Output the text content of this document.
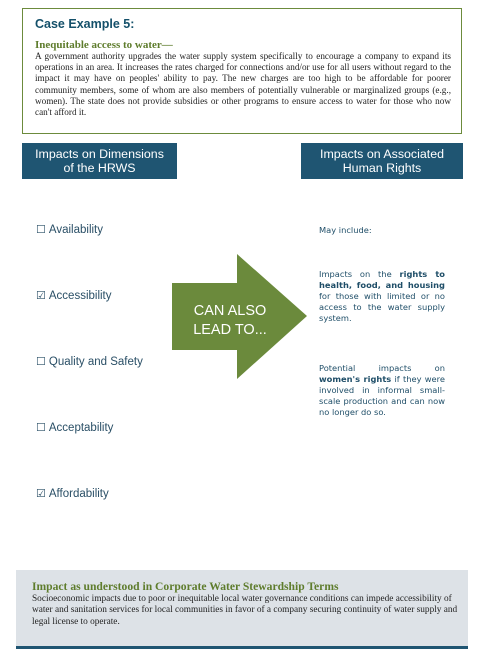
Case Example 5:

Inequitable access to water—

A government authority upgrades the water supply system specifically to encourage a company to expand its operations in an area. It increases the rates charged for connections and/or use for all users without regard to the impact it may have on peoples' ability to pay. The new charges are too high to be affordable for poorer community members, some of whom are also members of potentially vulnerable or marginalized groups (e.g., women). The state does not provide subsidies or other programs to ensure access to water for those who now can't afford it.

Impacts on Dimensions
of the HRWS
Impacts on Associated
Human Rights
☐ Availability
☑ Accessibility
☐ Quality and Safety
☐ Acceptability
☑ Affordability
CAN ALSO
LEAD TO...
May include:
Impacts on the rights to health, food, and housing for those with limited or no access to the water supply system.
Potential impacts on women's rights if they were involved in informal small-scale production and can now no longer do so.

Impact as understood in Corporate Water Stewardship Terms

Socioeconomic impacts due to poor or inequitable local water governance conditions can impede accessibility of water and sanitation services for local communities in favor of a company securing continuity of water supply and legal license to operate.
